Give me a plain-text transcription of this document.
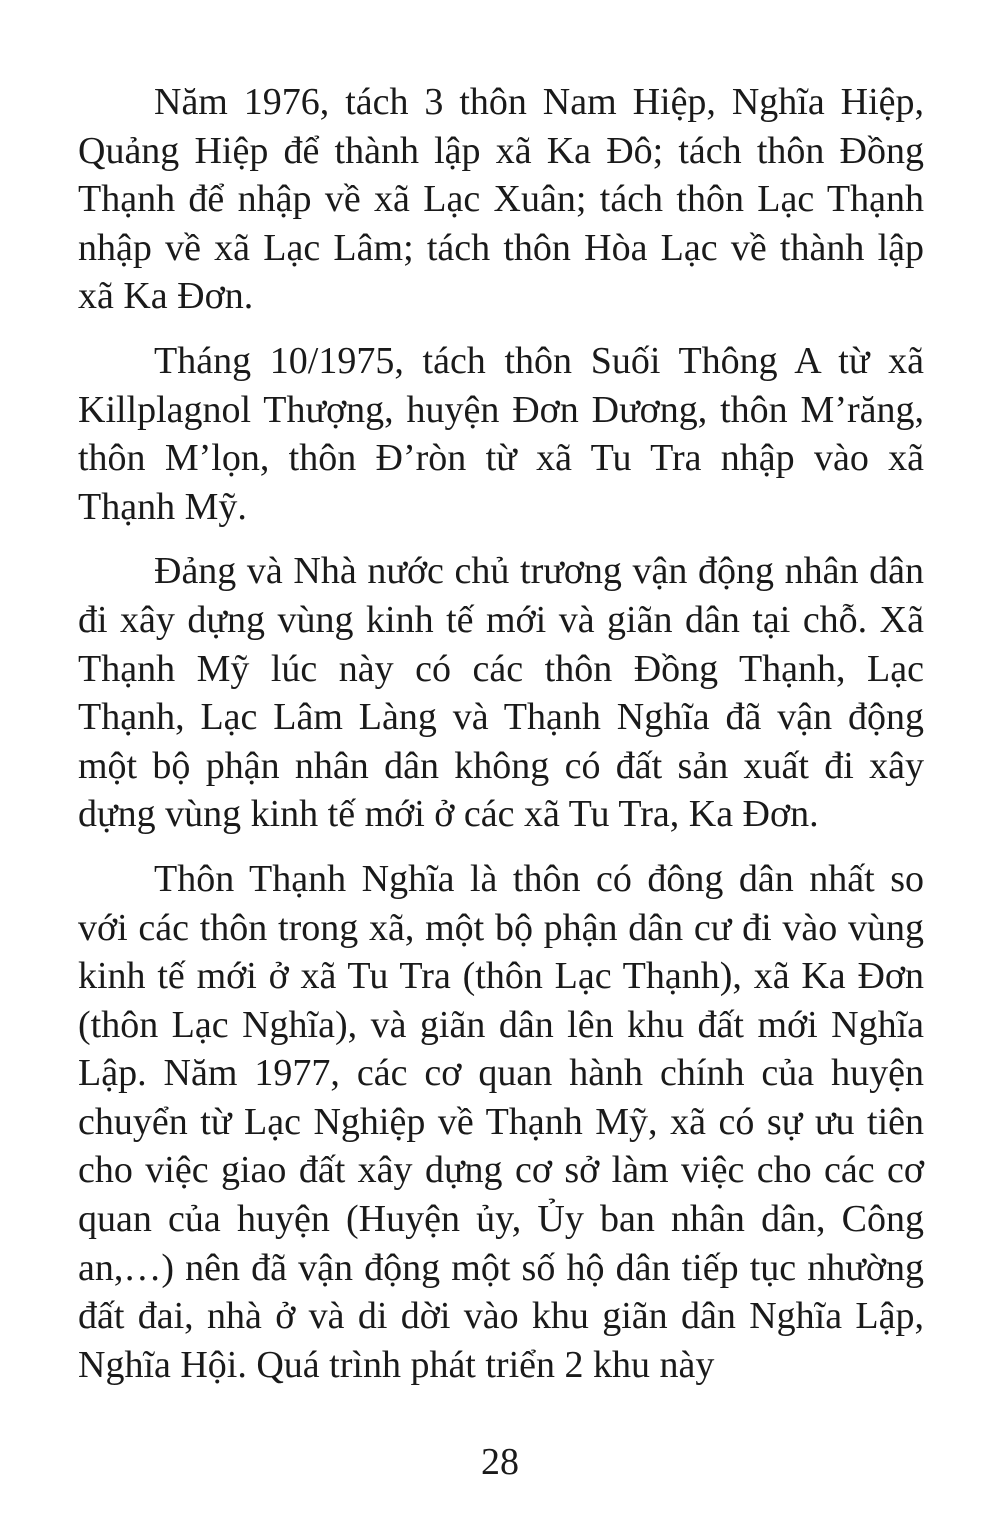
Năm 1976, tách 3 thôn Nam Hiệp, Nghĩa Hiệp, Quảng Hiệp để thành lập xã Ka Đô; tách thôn Đồng Thạnh để nhập về xã Lạc Xuân; tách thôn Lạc Thạnh nhập về xã Lạc Lâm; tách thôn Hòa Lạc về thành lập xã Ka Đơn.

Tháng 10/1975, tách thôn Suối Thông A từ xã Killplagnol Thượng, huyện Đơn Dương, thôn M’răng, thôn M’lọn, thôn Đ’ròn từ xã Tu Tra nhập vào xã Thạnh Mỹ.

Đảng và Nhà nước chủ trương vận động nhân dân đi xây dựng vùng kinh tế mới và giãn dân tại chỗ. Xã Thạnh Mỹ lúc này có các thôn Đồng Thạnh, Lạc Thạnh, Lạc Lâm Làng và Thạnh Nghĩa đã vận động một bộ phận nhân dân không có đất sản xuất đi xây dựng vùng kinh tế mới ở các xã Tu Tra, Ka Đơn.

Thôn Thạnh Nghĩa là thôn có đông dân nhất so với các thôn trong xã, một bộ phận dân cư đi vào vùng kinh tế mới ở xã Tu Tra (thôn Lạc Thạnh), xã Ka Đơn (thôn Lạc Nghĩa), và giãn dân lên khu đất mới Nghĩa Lập. Năm 1977, các cơ quan hành chính của huyện chuyển từ Lạc Nghiệp về Thạnh Mỹ, xã có sự ưu tiên cho việc giao đất xây dựng cơ sở làm việc cho các cơ quan của huyện (Huyện ủy, Ủy ban nhân dân, Công an,…) nên đã vận động một số hộ dân tiếp tục nhường đất đai, nhà ở và di dời vào khu giãn dân Nghĩa Lập, Nghĩa Hội. Quá trình phát triển 2 khu này

28
